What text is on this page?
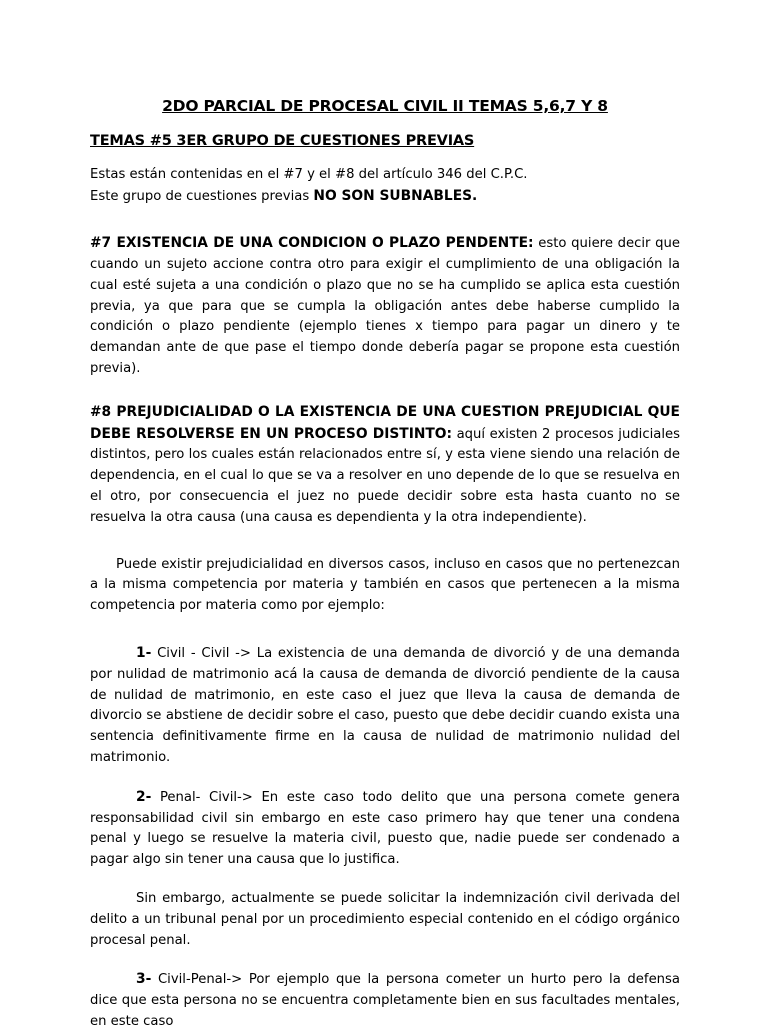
2DO PARCIAL DE PROCESAL CIVIL II TEMAS 5,6,7 Y 8
TEMAS #5 3ER GRUPO DE CUESTIONES PREVIAS

Estas están contenidas en el #7 y el #8 del artículo 346 del C.P.C.

Este grupo de cuestiones previas NO SON SUBNABLES.

#7 EXISTENCIA DE UNA CONDICION O PLAZO PENDENTE: esto quiere decir que cuando un sujeto accione contra otro para exigir el cumplimiento de una obligación la cual esté sujeta a una condición o plazo que no se ha cumplido se aplica esta cuestión previa, ya que para que se cumpla la obligación antes debe haberse cumplido la condición o plazo pendiente (ejemplo tienes x tiempo para pagar un dinero y te demandan ante de que pase el tiempo donde debería pagar se propone esta cuestión previa).

#8 PREJUDICIALIDAD O LA EXISTENCIA DE UNA CUESTION PREJUDICIAL QUE DEBE RESOLVERSE EN UN PROCESO DISTINTO: aquí existen 2 procesos judiciales distintos, pero los cuales están relacionados entre sí, y esta viene siendo una relación de dependencia, en el cual lo que se va a resolver en uno depende de lo que se resuelva en el otro, por consecuencia el juez no puede decidir sobre esta hasta cuanto no se resuelva la otra causa (una causa es dependienta y la otra independiente).

Puede existir prejudicialidad en diversos casos, incluso en casos que no pertenezcan a la misma competencia por materia y también en casos que pertenecen a la misma competencia por materia como por ejemplo:

1- Civil - Civil -> La existencia de una demanda de divorció y de una demanda por nulidad de matrimonio acá la causa de demanda de divorció pendiente de la causa de nulidad de matrimonio, en este caso el juez que lleva la causa de demanda de divorcio se abstiene de decidir sobre el caso, puesto que debe decidir cuando exista una sentencia definitivamente firme en la causa de nulidad de matrimonio nulidad del matrimonio.

2- Penal- Civil-> En este caso todo delito que una persona comete genera responsabilidad civil sin embargo en este caso primero hay que tener una condena penal y luego se resuelve la materia civil, puesto que, nadie puede ser condenado a pagar algo sin tener una causa que lo justifica.

Sin embargo, actualmente se puede solicitar la indemnización civil derivada del delito a un tribunal penal por un procedimiento especial contenido en el código orgánico procesal penal.

3- Civil-Penal-> Por ejemplo que la persona cometer un hurto pero la defensa dice que esta persona no se encuentra completamente bien en sus facultades mentales, en este caso
